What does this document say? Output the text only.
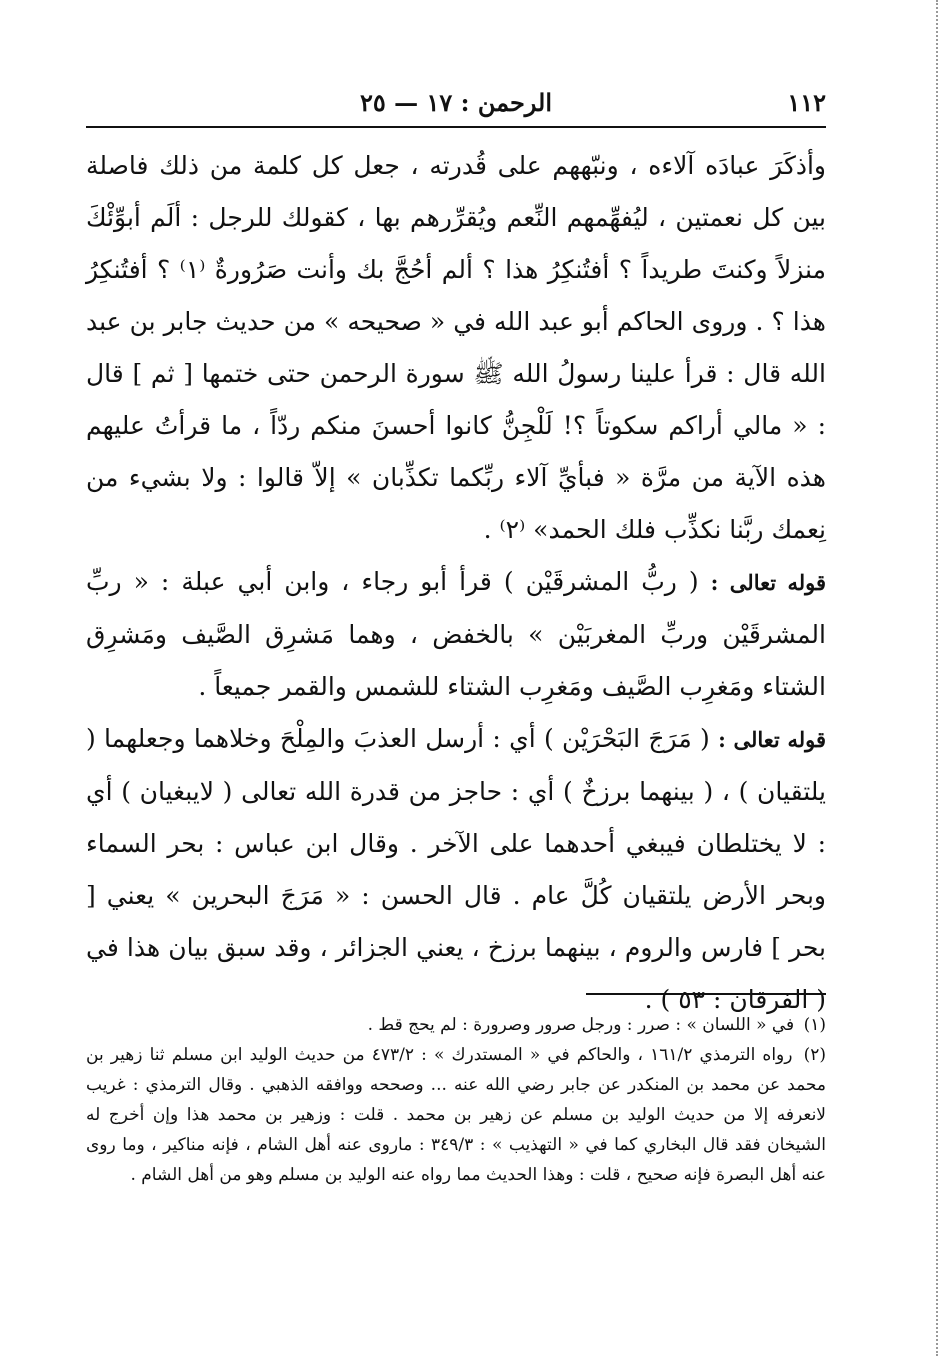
١١٢
الرحمن : ١٧ — ٢٥

وأذكَرَ عبادَه آلاءه ، ونبّههم على قُدرته ، جعل كل كلمة من ذلك فاصلة بين كل نعمتين ، ليُفهِّمهم النِّعم ويُقرِّرهم بها ، كقولك للرجل : ألَم أبوِّئْكَ منزلاً وكنتَ طريداً ؟ أفتُنكِرُ هذا ؟ ألم أحُجَّ بك وأنت صَرُورةٌ ⁽١⁾ ؟ أفتُنكِرُ هذا ؟ . وروى الحاكم أبو عبد الله في « صحيحه » من حديث جابر بن عبد الله قال : قرأ علينا رسولُ الله ﷺ سورة الرحمن حتى ختمها [ ثم ] قال : « مالي أراكم سكوتاً ؟! لَلْجِنُّ كانوا أحسنَ منكم ردّاً ، ما قرأتُ عليهم هذه الآية من مرَّة « فبأيِّ آلاء ربِّكما تكذِّبان » إلاّ قالوا : ولا بشيء من نِعمك ربَّنا نكذِّب فلك الحمد» ⁽٢⁾ .

قوله تعالى : ( ربُّ المشرقَيْن ) قرأ أبو رجاء ، وابن أبي عبلة : « ربِّ المشرقَيْن وربِّ المغربَيْن » بالخفض ، وهما مَشرِق الصَّيف ومَشرِق الشتاء ومَغرِب الصَّيف ومَغرِب الشتاء للشمس والقمر جميعاً .

قوله تعالى : ( مَرَجَ البَحْرَيْن ) أي : أرسل العذبَ والمِلْحَ وخلاهما وجعلهما ( يلتقيان ) ، ( بينهما برزخٌ ) أي : حاجز من قدرة الله تعالى ( لايبغيان ) أي : لا يختلطان فيبغي أحدهما على الآخر . وقال ابن عباس : بحر السماء وبحر الأرض يلتقيان كُلَّ عام . قال الحسن : « مَرَجَ البحرين » يعني [ بحر ] فارس والروم ، بينهما برزخ ، يعني الجزائر ، وقد سبق بيان هذا في ( الفرقان : ٥٣ ) .

(١) في « اللسان » : صرر : ورجل صرور وصرورة : لم يحج قط .

(٢) رواه الترمذي ١٦١/٢ ، والحاكم في « المستدرك » : ٤٧٣/٢ من حديث الوليد ابن مسلم ثنا زهير بن محمد عن محمد بن المنكدر عن جابر رضي الله عنه ... وصححه ووافقه الذهبي . وقال الترمذي : غريب لانعرفه إلا من حديث الوليد بن مسلم عن زهير بن محمد . قلت : وزهير بن محمد هذا وإن أخرج له الشيخان فقد قال البخاري كما في « التهذيب » : ٣٤٩/٣ : ماروى عنه أهل الشام ، فإنه مناكير ، وما روى عنه أهل البصرة فإنه صحيح ، قلت : وهذا الحديث مما رواه عنه الوليد بن مسلم وهو من أهل الشام .
